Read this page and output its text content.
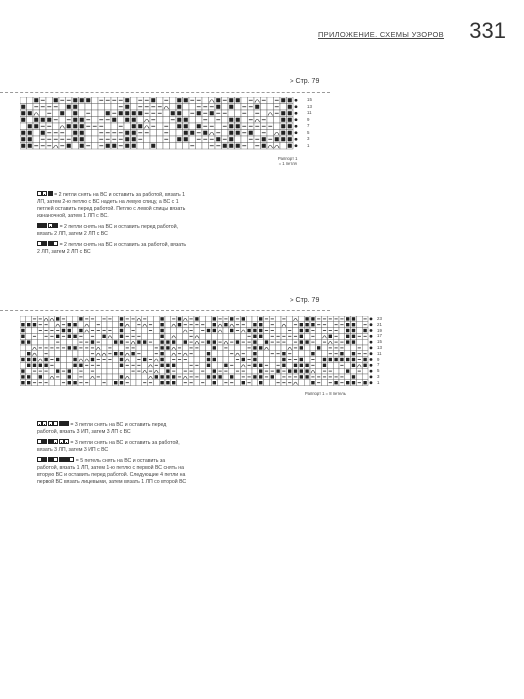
ПРИЛОЖЕНИЕ. СХЕМЫ УЗОРОВ 331
> Стр. 79
15
13
11
9
7
5
3
1
Раппорт 1
= 1 петля
= 2 петли снять на ВС и оставить за работой, вязать 1 ЛП, затем 2-ю петлю с ВС надеть на левую спицу, а ВС с 1 петлей оставить перед работой. Петлю с левой спицы вязать изнаночной, затем 1 ЛП с ВС.
= 2 петли снять на ВС и оставить перед работой, вязать 2 ЛП, затем 2 ЛП с ВС
= 2 петли снять на ВС и оставить за работой, вязать 2 ЛП, затем 2 ЛП с ВС
> Стр. 79
23
21
19
17
15
13
11
9
7
5
3
1
Раппорт 1 = 8 петель
= 3 петли снять на ВС и оставить перед работой, вязать 3 ИП, затем 3 ЛП с ВС
= 3 петли снять на ВС и оставить за работой, вязать 3 ЛП, затем 3 ИП с ВС
= 5 петель снять на ВС и оставить за работой, вязать 1 ЛП, затем 1-ю петлю с первой ВС снять на вторую ВС и оставить перед работой. Следующие 4 петли на первой ВС вязать лицевыми, затем вязать 1 ЛП со второй ВС
